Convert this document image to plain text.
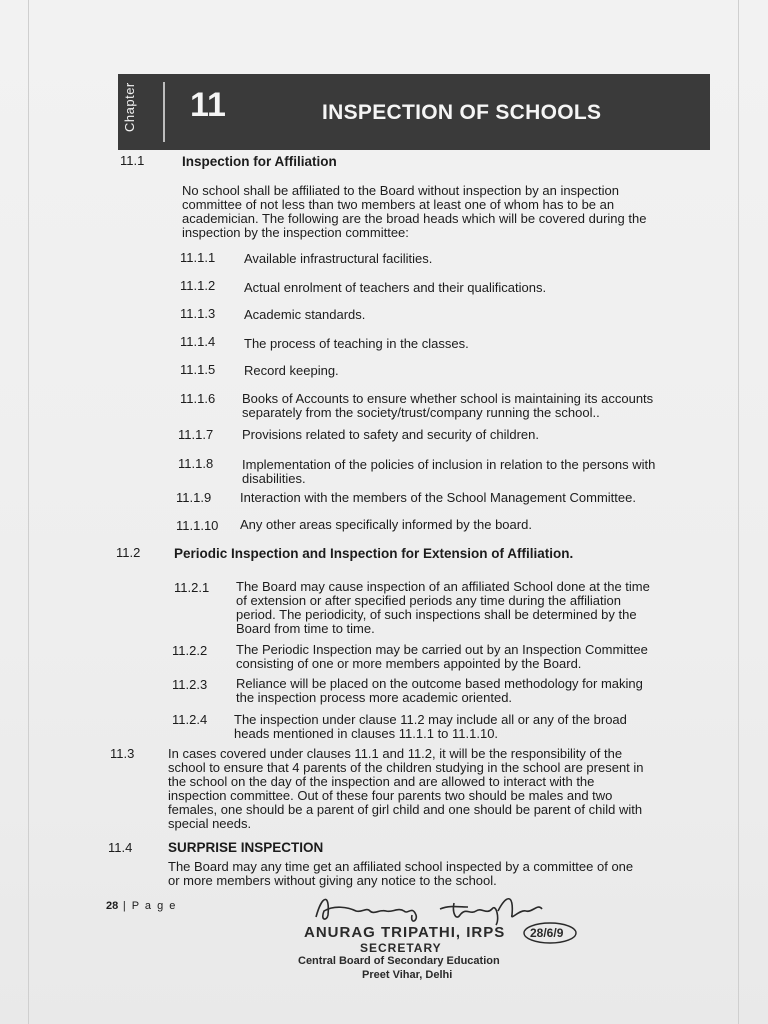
Chapter 11	INSPECTION OF SCHOOLS
11.1	Inspection for Affiliation
No school shall be affiliated to the Board without inspection by an inspection
committee of not less than two members at least one of whom has to be an
academician. The following are the broad heads which will be covered during the
inspection by the inspection committee:
11.1.1 Available infrastructural facilities.
11.1.2 Actual enrolment of teachers and their qualifications.
11.1.3 Academic standards.
11.1.4 The process of teaching in the classes.
11.1.5 Record keeping.
11.1.6 Books of Accounts to ensure whether school is maintaining its accounts
separately from the society/trust/company running the school..
11.1.7 Provisions related to safety and security of children.
11.1.8 Implementation of the policies of inclusion in relation to the persons with
disabilities.
11.1.9 Interaction with the members of the School Management Committee.
11.1.10 Any other areas specifically informed by the board.
11.2 Periodic Inspection and Inspection for Extension of Affiliation.
11.2.1 The Board may cause inspection of an affiliated School done at the time
of extension or after specified periods any time during the affiliation
period. The periodicity, of such inspections shall be determined by the
Board from time to time.
11.2.2 The Periodic Inspection may be carried out by an Inspection Committee
consisting of one or more members appointed by the Board.
11.2.3 Reliance will be placed on the outcome based methodology for making
the inspection process more academic oriented.
11.2.4 The inspection under clause 11.2 may include all or any of the broad
heads mentioned in clauses 11.1.1 to 11.1.10.
11.3	In cases covered under clauses 11.1 and 11.2, it will be the responsibility of the
school to ensure that 4 parents of the children studying in the school are present in
the school on the day of the inspection and are allowed to interact with the
inspection committee. Out of these four parents two should be males and two
females, one should be a parent of girl child and one should be parent of child with
special needs.
11.4	SURPRISE INSPECTION
The Board may any time get an affiliated school inspected by a committee of one
or more members without giving any notice to the school.
28 | P a g e
ANURAG TRIPATHI, IRPS 28/6/9
SECRETARY
Central Board of Secondary Education
Preet Vihar, Delhi
